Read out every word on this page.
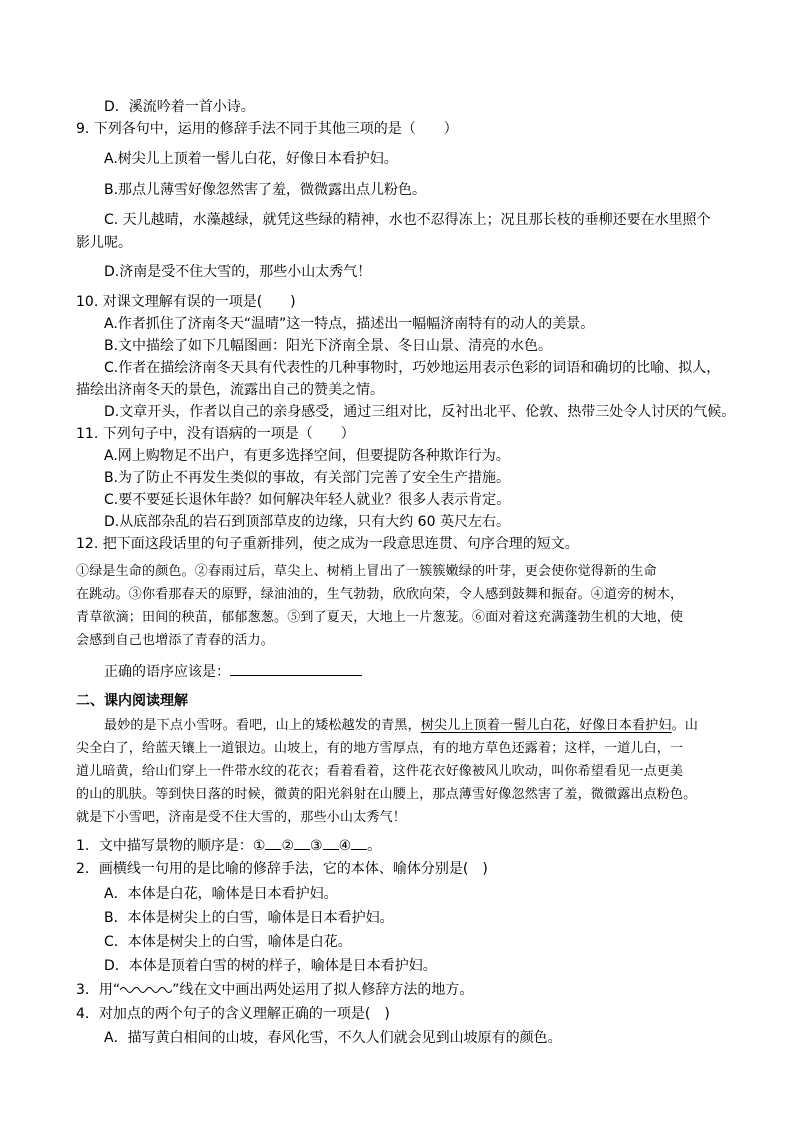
D．溪流吟着一首小诗。
9. 下列各句中，运用的修辞手法不同于其他三项的是（　　）
A.树尖儿上顶着一髻儿白花，好像日本看护妇。
B.那点儿薄雪好像忽然害了羞，微微露出点儿粉色。
C. 天儿越晴，水藻越绿，就凭这些绿的精神，水也不忍得冻上；况且那长枝的垂柳还要在水里照个
影儿呢。
D.济南是受不住大雪的，那些小山太秀气！
10. 对课文理解有误的一项是(　　)
A.作者抓住了济南冬天“温晴”这一特点，描述出一幅幅济南特有的动人的美景。
B.文中描绘了如下几幅图画：阳光下济南全景、冬日山景、清亮的水色。
C.作者在描绘济南冬天具有代表性的几种事物时，巧妙地运用表示色彩的词语和确切的比喻、拟人，
描绘出济南冬天的景色，流露出自己的赞美之情。
D.文章开头，作者以自己的亲身感受，通过三组对比，反衬出北平、伦敦、热带三处令人讨厌的气候。
11. 下列句子中，没有语病的一项是（　　）
A.网上购物足不出户，有更多选择空间，但要提防各种欺诈行为。
B.为了防止不再发生类似的事故，有关部门完善了安全生产措施。
C.要不要延长退休年龄？如何解决年轻人就业？很多人表示肯定。
D.从底部杂乱的岩石到顶部草皮的边缘，只有大约 60 英尺左右。
12. 把下面这段话里的句子重新排列，使之成为一段意思连贯、句序合理的短文。
①绿是生命的颜色。②春雨过后，草尖上、树梢上冒出了一簇簇嫩绿的叶芽，更会使你觉得新的生命
在跳动。③你看那春天的原野，绿油油的，生气勃勃，欣欣向荣，令人感到鼓舞和振奋。④道旁的树木，
青草欲滴；田间的秧苗，郁郁葱葱。⑤到了夏天，大地上一片葱茏。⑥面对着这充满蓬勃生机的大地，使
会感到自己也增添了青春的活力。
正确的语序应该是：
二、课内阅读理解
最妙的是下点小雪呀。看吧，山上的矮松越发的青黑，树尖儿上顶着一髻儿白花，好像日本看护妇。山
尖全白了，给蓝天镶上一道银边。山坡上，有的地方雪厚点，有的地方草色还露着；这样，一道儿白，一
道儿暗黄，给山们穿上一件带水纹的花衣；看着看着，这件花衣好像被风儿吹动，叫你希望看见一点更美
的山的肌肤。等到快日落的时候，微黄的阳光斜射在山腰上，那点薄雪好像忽然害了羞，微微露出点粉色。
就是下小雪吧，济南是受不住大雪的，那些小山太秀气！
1．文中描写景物的顺序是：① ② ③ ④ 。
2．画横线一句用的是比喻的修辞手法，它的本体、喻体分别是(　)
A．本体是白花，喻体是日本看护妇。
B．本体是树尖上的白雪，喻体是日本看护妇。
C．本体是树尖上的白雪，喻体是白花。
D．本体是顶着白雪的树的样子，喻体是日本看护妇。
3．用“	”线在文中画出两处运用了拟人修辞方法的地方。
4．对加点的两个句子的含义理解正确的一项是(　)
A．描写黄白相间的山坡，春风化雪，不久人们就会见到山坡原有的颜色。
